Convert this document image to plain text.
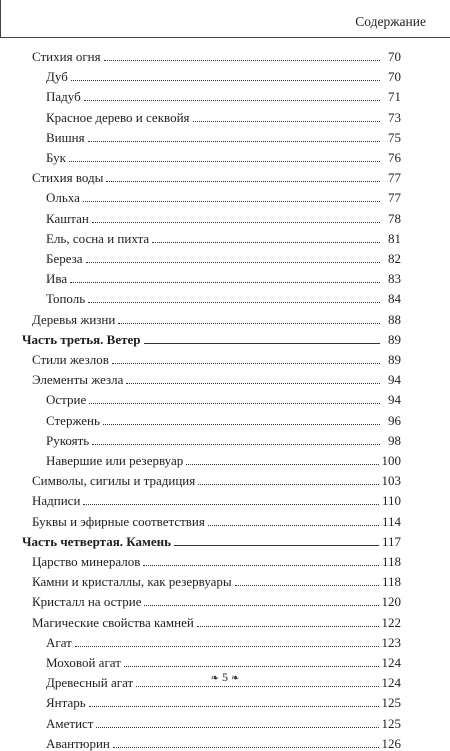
Содержание
Стихия огня	70
Дуб	70
Падуб	71
Красное дерево и секвойя	73
Вишня	75
Бук	76
Стихия воды	77
Ольха	77
Каштан	78
Ель, сосна и пихта	81
Береза	82
Ива	83
Тополь	84
Деревья жизни	88
Часть третья. Ветер	89
Стили жезлов	89
Элементы жезла	94
Острие	94
Стержень	96
Рукоять	98
Навершие или резервуар	100
Символы, сигилы и традиция	103
Надписи	110
Буквы и эфирные соответствия	114
Часть четвертая. Камень	117
Царство минералов	118
Камни и кристаллы, как резервуары	118
Кристалл на острие	120
Магические свойства камней	122
Агат	123
Моховой агат	124
Древесный агат	124
Янтарь	125
Аметист	125
Авантюрин	126
❧ 5 ❧
